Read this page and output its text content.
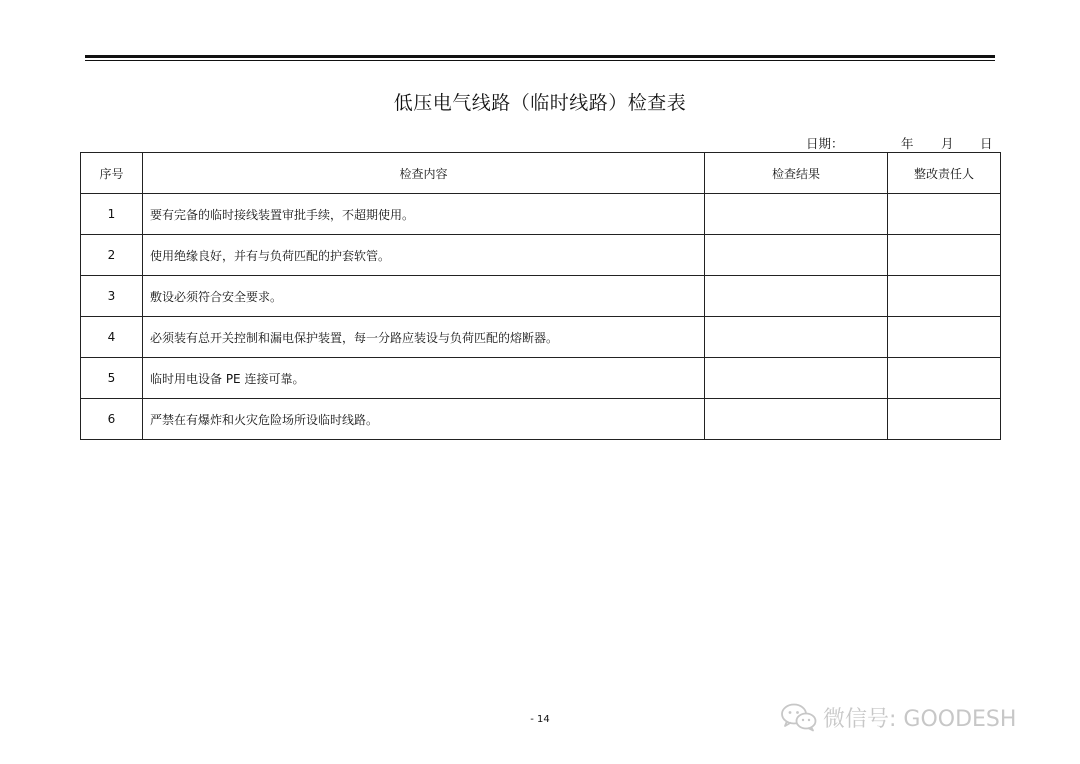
低压电气线路（临时线路）检查表
日期：	年 月 日
序号	检查内容	检查结果	整改责任人
1	要有完备的临时接线装置审批手续，不超期使用。		
2	使用绝缘良好，并有与负荷匹配的护套软管。		
3	敷设必须符合安全要求。		
4	必须装有总开关控制和漏电保护装置，每一分路应装设与负荷匹配的熔断器。		
5	临时用电设备 PE 连接可靠。		
6	严禁在有爆炸和火灾危险场所设临时线路。		
- 14	微信号: GOODESH
